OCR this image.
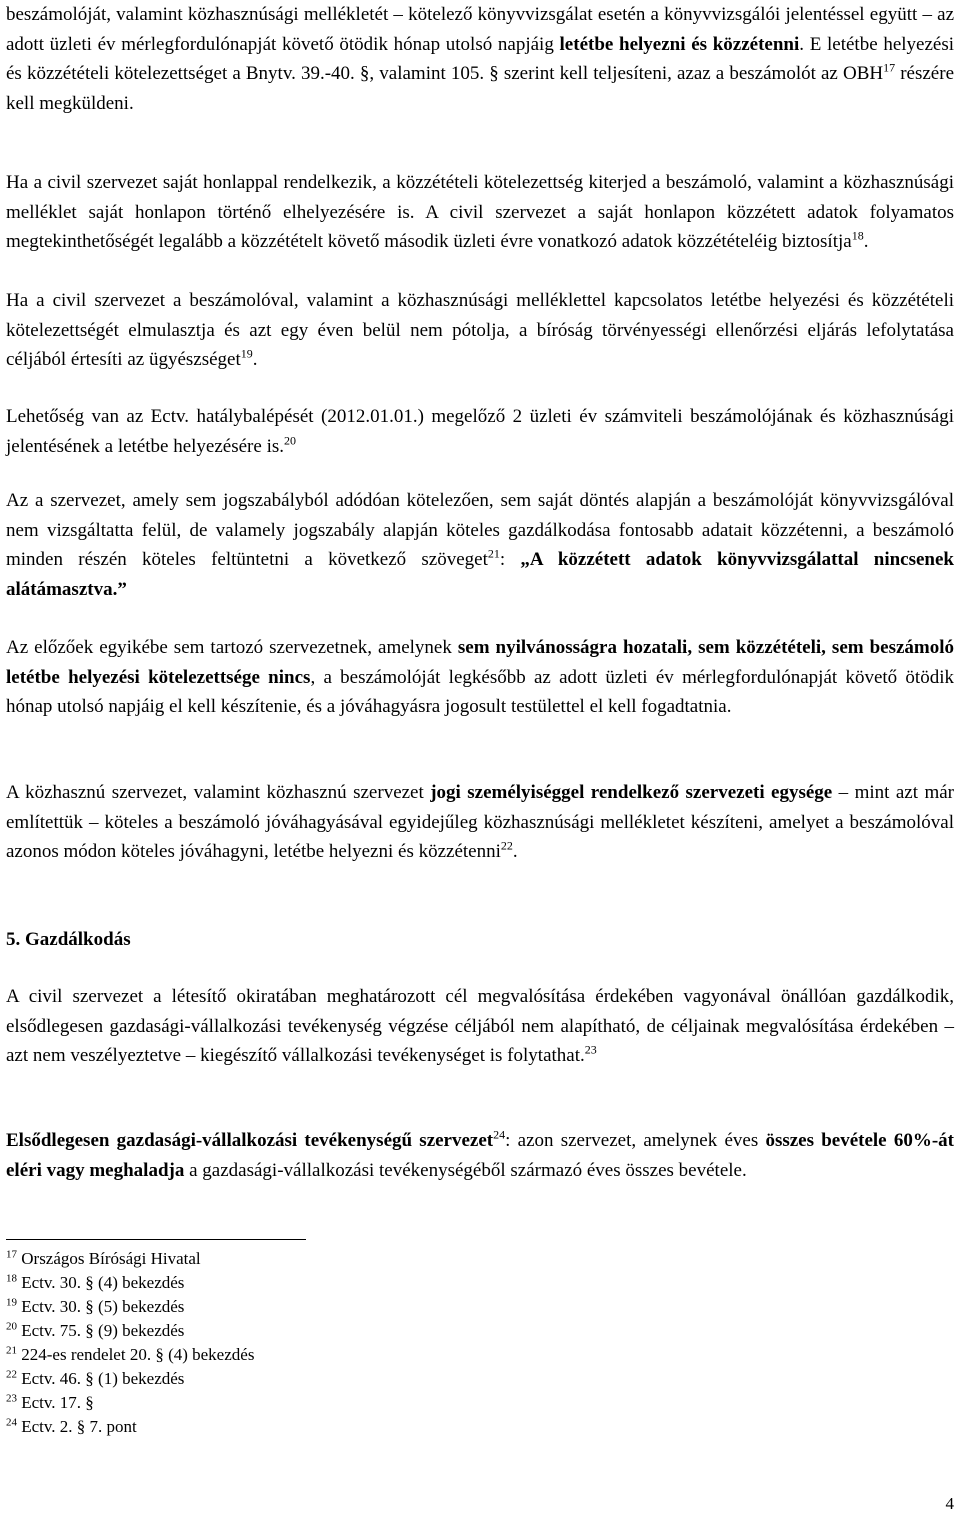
beszámolóját, valamint közhasznúsági mellékletét – kötelező könyvvizsgálat esetén a könyvvizsgálói jelentéssel együtt – az adott üzleti év mérlegfordulónapját követő ötödik hónap utolsó napjáig letétbe helyezni és közzétenni. E letétbe helyezési és közzétételi kötelezettséget a Bnytv. 39.-40. §, valamint 105. § szerint kell teljesíteni, azaz a beszámolót az OBH$^{17}$ részére kell megküldeni.

Ha a civil szervezet saját honlappal rendelkezik, a közzétételi kötelezettség kiterjed a beszámoló, valamint a közhasznúsági melléklet saját honlapon történő elhelyezésére is. A civil szervezet a saját honlapon közzétett adatok folyamatos megtekinthetőségét legalább a közzétételt követő második üzleti évre vonatkozó adatok közzétételéig biztosítja$^{18}$.

Ha a civil szervezet a beszámolóval, valamint a közhasznúsági melléklettel kapcsolatos letétbe helyezési és közzétételi kötelezettségét elmulasztja és azt egy éven belül nem pótolja, a bíróság törvényességi ellenőrzési eljárás lefolytatása céljából értesíti az ügyészséget$^{19}$.

Lehetőség van az Ectv. hatálybalépését (2012.01.01.) megelőző 2 üzleti év számviteli beszámolójának és közhasznúsági jelentésének a letétbe helyezésére is.$^{20}$

Az a szervezet, amely sem jogszabályból adódóan kötelezően, sem saját döntés alapján a beszámolóját könyvvizsgálóval nem vizsgáltatta felül, de valamely jogszabály alapján köteles gazdálkodása fontosabb adatait közzétenni, a beszámoló minden részén köteles feltüntetni a következő szöveget$^{21}$: „A közzétett adatok könyvvizsgálattal nincsenek alátámasztva.”

Az előzőek egyikébe sem tartozó szervezetnek, amelynek sem nyilvánosságra hozatali, sem közzétételi, sem beszámoló letétbe helyezési kötelezettsége nincs, a beszámolóját legkésőbb az adott üzleti év mérlegfordulónapját követő ötödik hónap utolsó napjáig el kell készítenie, és a jóváhagyásra jogosult testülettel el kell fogadtatnia.

A közhasznú szervezet, valamint közhasznú szervezet jogi személyiséggel rendelkező szervezeti egysége – mint azt már említettük – köteles a beszámoló jóváhagyásával egyidejűleg közhasznúsági mellékletet készíteni, amelyet a beszámolóval azonos módon köteles jóváhagyni, letétbe helyezni és közzétenni$^{22}$.

5. Gazdálkodás

A civil szervezet a létesítő okiratában meghatározott cél megvalósítása érdekében vagyonával önállóan gazdálkodik, elsődlegesen gazdasági-vállalkozási tevékenység végzése céljából nem alapítható, de céljainak megvalósítása érdekében – azt nem veszélyeztetve – kiegészítő vállalkozási tevékenységet is folytathat.$^{23}$

Elsődlegesen gazdasági-vállalkozási tevékenységű szervezet$^{24}$: azon szervezet, amelynek éves összes bevétele 60%-át eléri vagy meghaladja a gazdasági-vállalkozási tevékenységéből származó éves összes bevétele.

$^{17}$ Országos Bírósági Hivatal

$^{18}$ Ectv. 30. § (4) bekezdés

$^{19}$ Ectv. 30. § (5) bekezdés

$^{20}$ Ectv. 75. § (9) bekezdés

$^{21}$ 224-es rendelet 20. § (4) bekezdés

$^{22}$ Ectv. 46. § (1) bekezdés

$^{23}$ Ectv. 17. §

$^{24}$ Ectv. 2. § 7. pont

4
